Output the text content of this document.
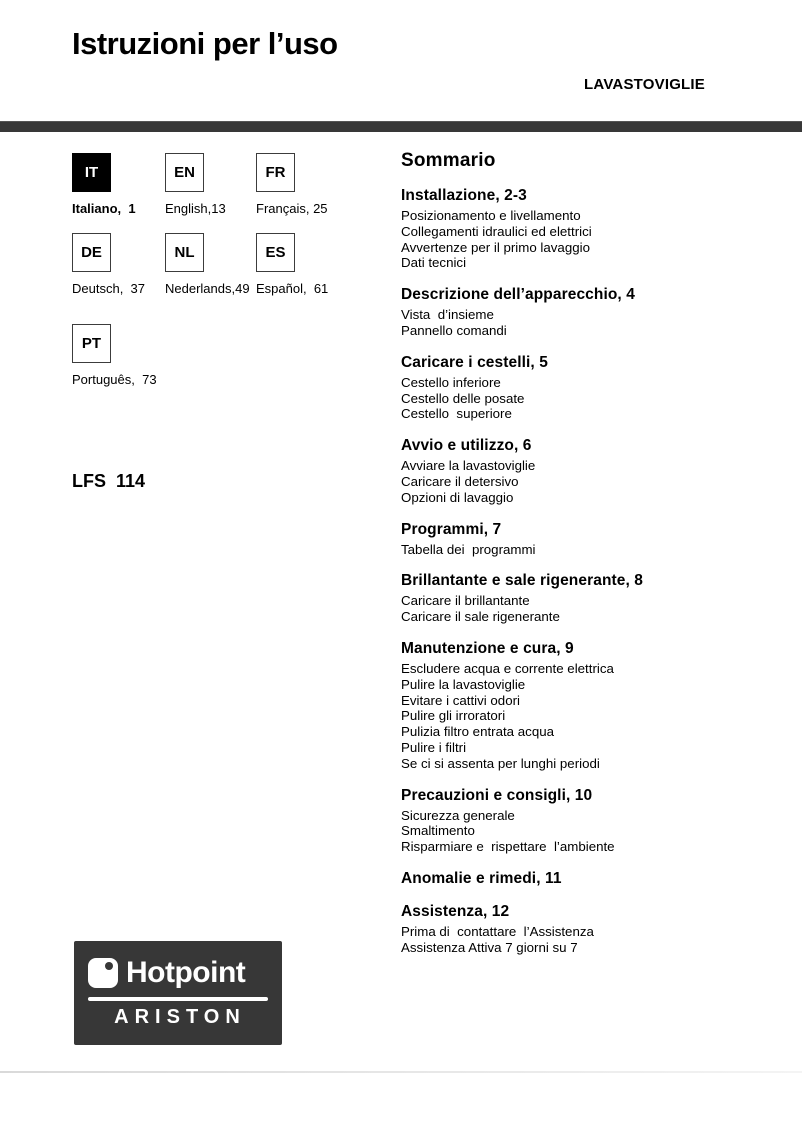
Istruzioni per l’uso
LAVASTOVIGLIE
IT
Italiano,  1
EN
English,13
FR
Français, 25
DE
Deutsch,  37
NL
Nederlands,49
ES
Español,  61
PT
Português,  73
LFS  114
Sommario
Installazione, 2-3
Posizionamento e livellamento
Collegamenti idraulici ed elettrici
Avvertenze per il primo lavaggio
Dati tecnici
Descrizione dell’apparecchio, 4
Vista  d’insieme
Pannello comandi
Caricare i cestelli, 5
Cestello inferiore
Cestello delle posate
Cestello  superiore
Avvio e utilizzo, 6
Avviare la lavastoviglie
Caricare il detersivo
Opzioni di lavaggio
Programmi, 7
Tabella dei  programmi
Brillantante e sale rigenerante, 8
Caricare il brillantante
Caricare il sale rigenerante
Manutenzione e cura, 9
Escludere acqua e corrente elettrica
Pulire la lavastoviglie
Evitare i cattivi odori
Pulire gli irroratori
Pulizia filtro entrata acqua
Pulire i filtri
Se ci si assenta per lunghi periodi
Precauzioni e consigli, 10
Sicurezza generale
Smaltimento
Risparmiare e  rispettare  l’ambiente
Anomalie e rimedi, 11
Assistenza, 12
Prima di  contattare  l’Assistenza
Assistenza Attiva 7 giorni su 7
Hotpoint
ARISTON
